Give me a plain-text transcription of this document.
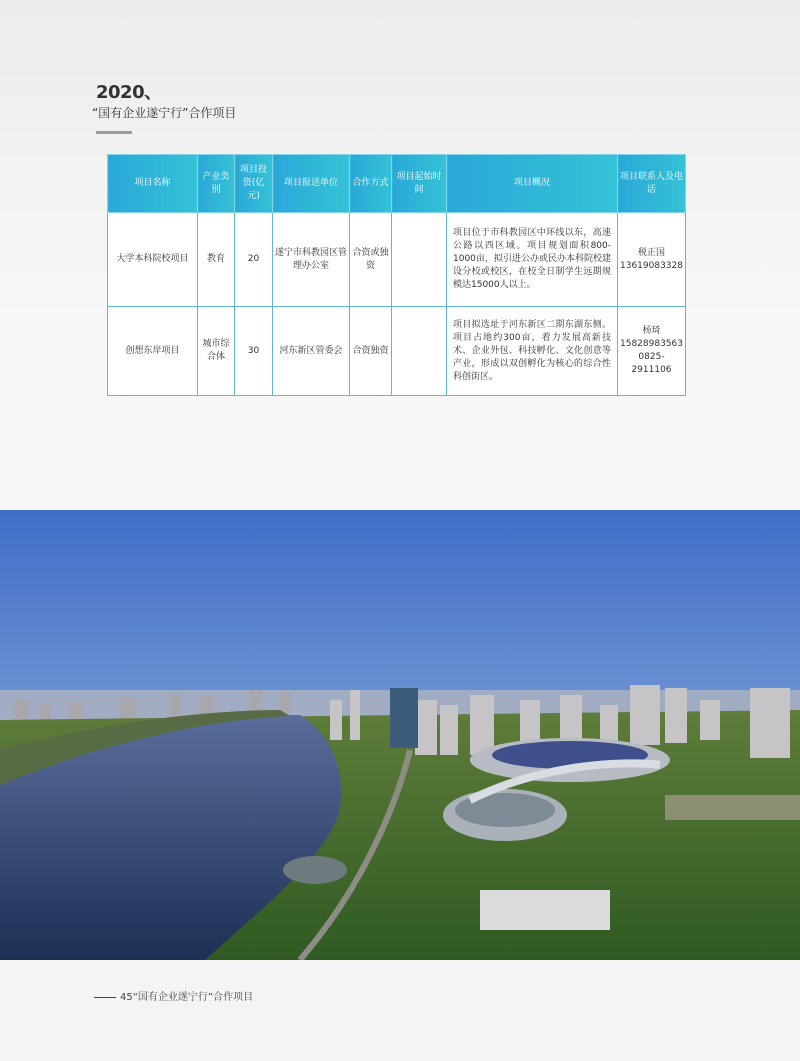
2020、
“国有企业遂宁行”合作项目
项目名称	产业类别	项目投资(亿元)	项目报送单位	合作方式	项目起始时间	项目概况	项目联系人及电话
大学本科院校项目	教育	20	遂宁市科教园区管理办公室	合资或独资		项目位于市科教园区中环线以东，高速公路以西区域。项目规划面积800-1000亩，拟引进公办或民办本科院校建设分校或校区，在校全日制学生远期规模达15000人以上。	税正国
13619083328

创想东岸项目	城市综合体	30	河东新区管委会	合资独资		项目拟选址于河东新区二期东湖东侧。项目占地约300亩，着力发展高新技术、企业外包、科技孵化、文化创意等产业，形成以双创孵化为核心的综合性科创街区。	杨琦
15828983563
0825-2911106
45“国有企业遂宁行”合作项目
